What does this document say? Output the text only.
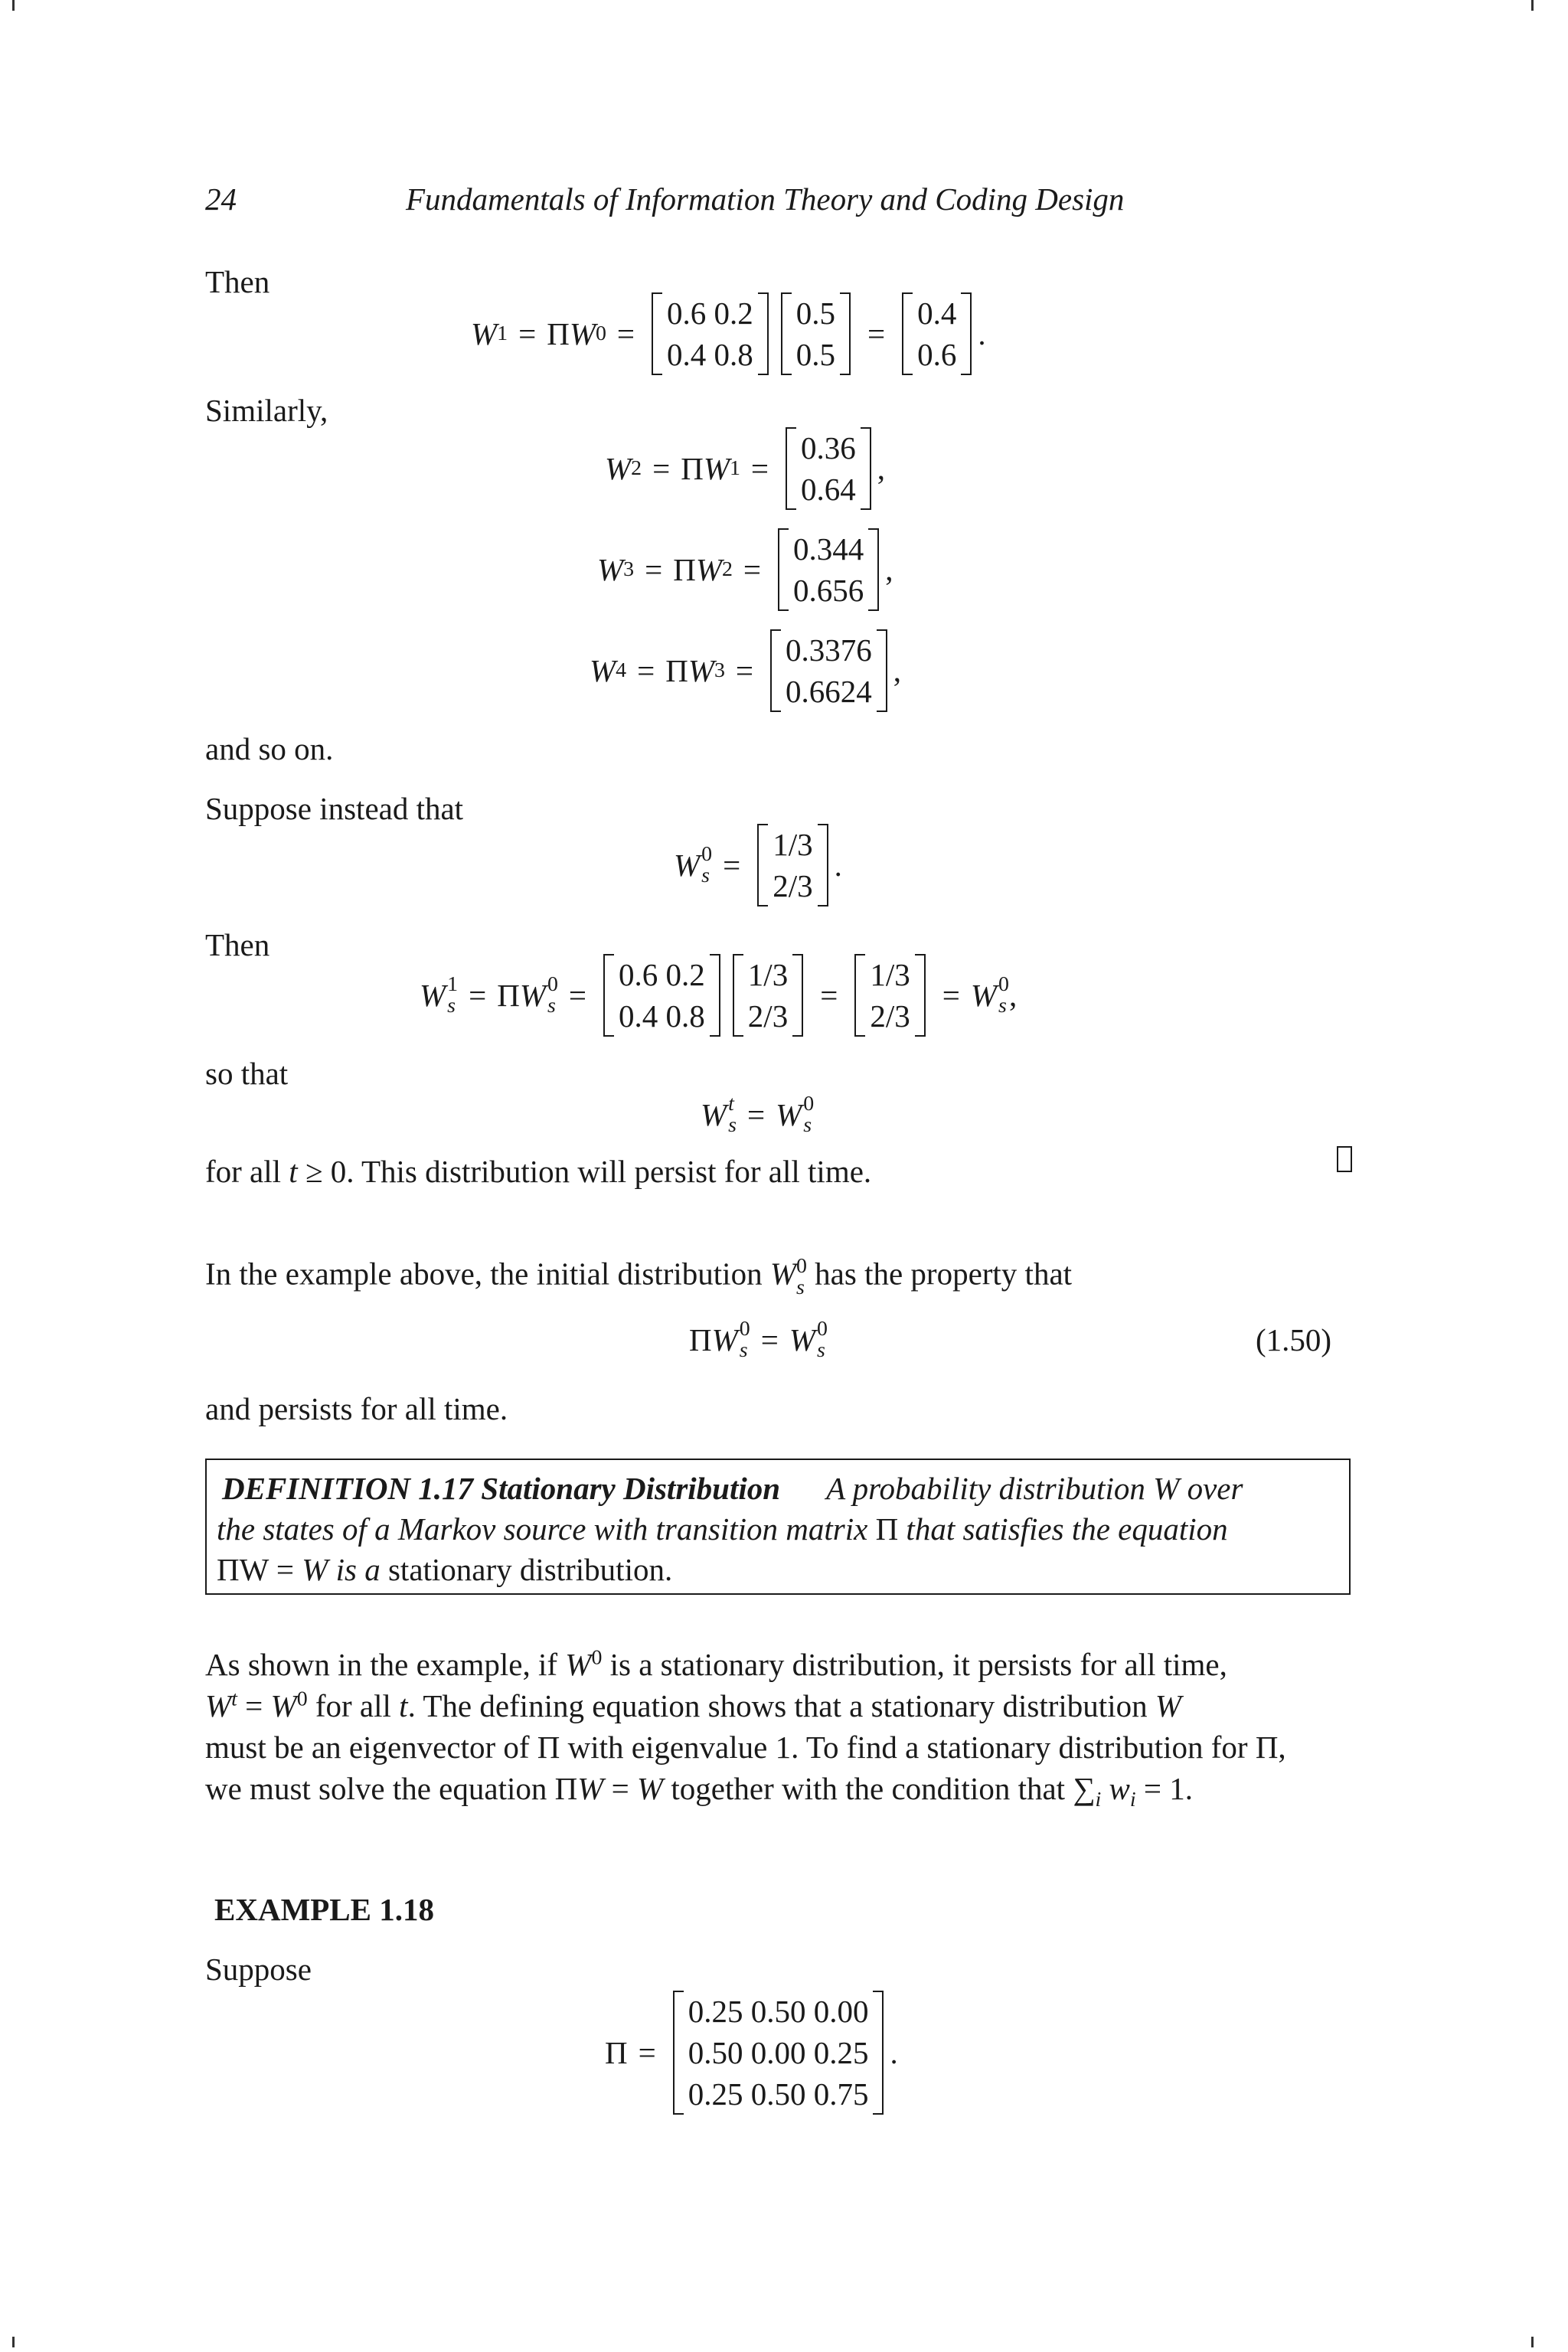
24	Fundamentals of Information Theory and Coding Design
Then
W 1 = Π W 0 =
0.6 0.2
0.4 0.8
0.5
0.5
=
0.4
0.6
.
Similarly,
W 2 = Π W 1 =
0.36
0.64
,
W 3 = Π W 2 =
0.344
0.656
,
W 4 = Π W 3 =
0.3376
0.6624
,
and so on.
Suppose instead that
W 0
s =
1/3
2/3
.
Then
W 1
s = Π W 0
s =
0.6 0.2
0.4 0.8
1/3
2/3
=
1/3
2/3
= W 0
s ,
so that
W t
s = W 0
s
for all t ≥ 0. This distribution will persist for all time.
In the example above, the initial distribution W 0
s has the property that
Π W 0
s = W 0
s	(1.50)
and persists for all time.
DEFINITION 1.17 Stationary Distribution A probability distribution W over
the states of a Markov source with transition matrix Π that satisfies the equation
ΠW = W is a stationary distribution.
As shown in the example, if $W^0$ is a stationary distribution, it persists for all time,
$W^t = W^0$ for all t. The defining equation shows that a stationary distribution W
must be an eigenvector of Π with eigenvalue 1. To find a stationary distribution for Π,
we must solve the equation ΠW = W together with the condition that $\sum_i$ $w_i = 1$.
EXAMPLE 1.18
Suppose
Π =
0.25 0.50 0.00
0.50 0.00 0.25
0.25 0.50 0.75
.
